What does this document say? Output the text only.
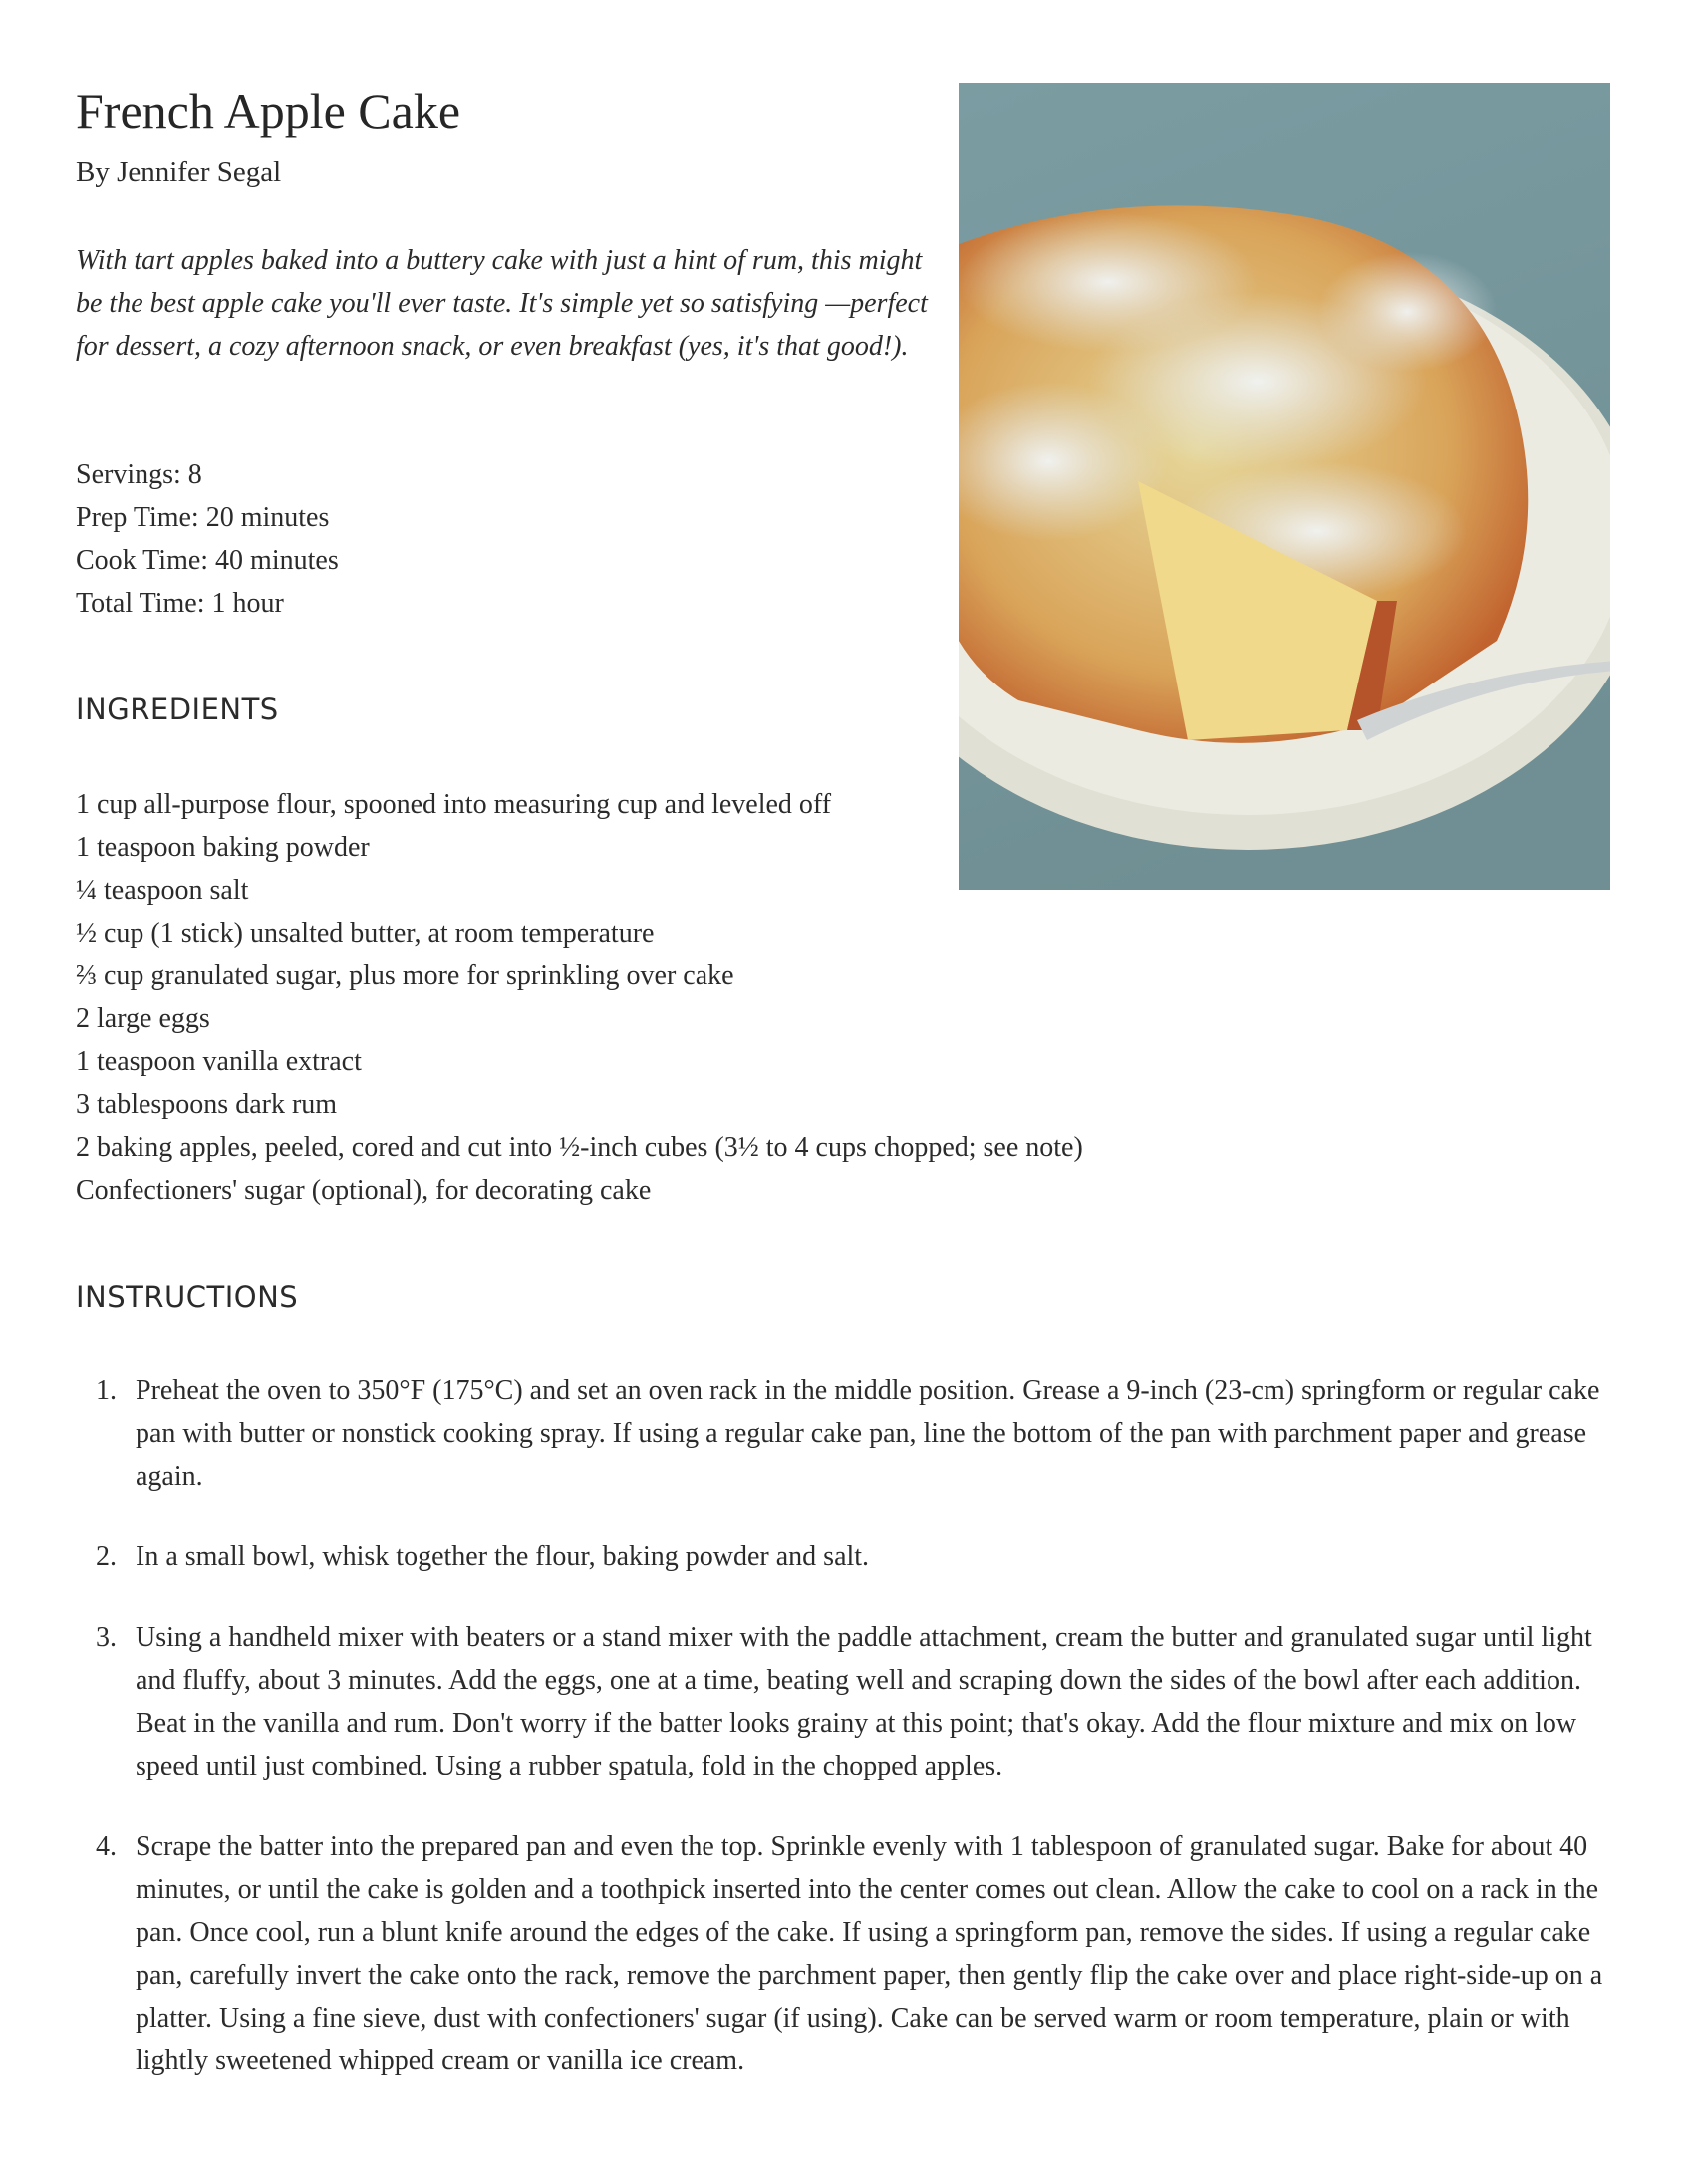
French Apple Cake
By Jennifer Segal

With tart apples baked into a buttery cake with just a hint of rum, this might be the best apple cake you'll ever taste. It's simple yet so satisfying —perfect for dessert, a cozy afternoon snack, or even breakfast (yes, it's that good!).

Servings: 8
Prep Time: 20 minutes
Cook Time: 40 minutes
Total Time: 1 hour
INGREDIENTS
1 cup all-purpose flour, spooned into measuring cup and leveled off
1 teaspoon baking powder
¼ teaspoon salt
½ cup (1 stick) unsalted butter, at room temperature
⅔ cup granulated sugar, plus more for sprinkling over cake
2 large eggs
1 teaspoon vanilla extract
3 tablespoons dark rum
2 baking apples, peeled, cored and cut into ½-inch cubes (3½ to 4 cups chopped; see note)
Confectioners' sugar (optional), for decorating cake
INSTRUCTIONS
1. Preheat the oven to 350°F (175°C) and set an oven rack in the middle position. Grease a 9-inch (23-cm) springform or regular cake pan with butter or nonstick cooking spray. If using a regular cake pan, line the bottom of the pan with parchment paper and grease again.
2. In a small bowl, whisk together the flour, baking powder and salt.
3. Using a handheld mixer with beaters or a stand mixer with the paddle attachment, cream the butter and granulated sugar until light and fluffy, about 3 minutes. Add the eggs, one at a time, beating well and scraping down the sides of the bowl after each addition. Beat in the vanilla and rum. Don't worry if the batter looks grainy at this point; that's okay. Add the flour mixture and mix on low speed until just combined. Using a rubber spatula, fold in the chopped apples.
4. Scrape the batter into the prepared pan and even the top. Sprinkle evenly with 1 tablespoon of granulated sugar. Bake for about 40 minutes, or until the cake is golden and a toothpick inserted into the center comes out clean. Allow the cake to cool on a rack in the pan. Once cool, run a blunt knife around the edges of the cake. If using a springform pan, remove the sides. If using a regular cake pan, carefully invert the cake onto the rack, remove the parchment paper, then gently flip the cake over and place right-side-up on a platter. Using a fine sieve, dust with confectioners' sugar (if using). Cake can be served warm or room temperature, plain or with lightly sweetened whipped cream or vanilla ice cream.
